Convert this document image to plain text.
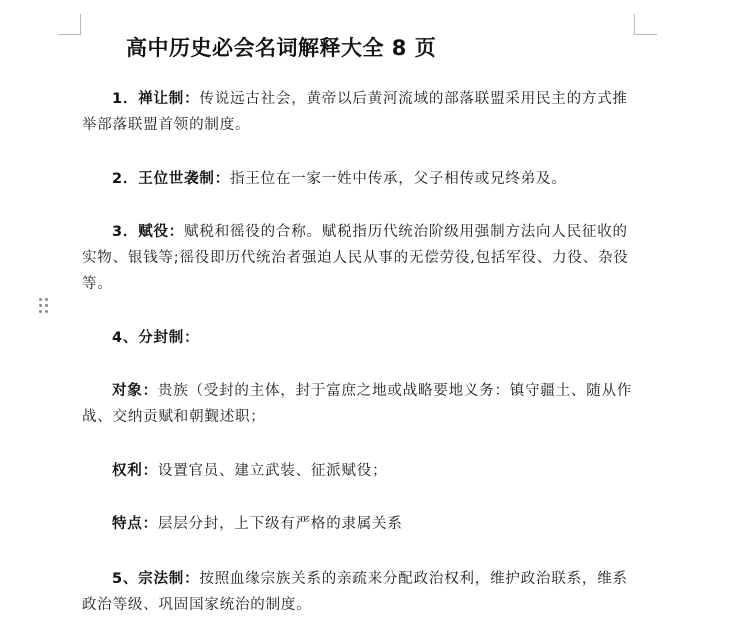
高中历史必会名词解释大全 8 页
1．禅让制：传说远古社会，黄帝以后黄河流域的部落联盟采用民主的方式推举部落联盟首领的制度。
2．王位世袭制：指王位在一家一姓中传承，父子相传或兄终弟及。
3．赋役：赋税和徭役的合称。赋税指历代统治阶级用强制方法向人民征收的实物、银钱等;徭役即历代统治者强迫人民从事的无偿劳役,包括军役、力役、杂役等。
4、分封制：
对象：贵族（受封的主体，封于富庶之地或战略要地义务：镇守疆土、随从作战、交纳贡赋和朝觐述职；
权利：设置官员、建立武装、征派赋役；
特点：层层分封，上下级有严格的隶属关系
5、宗法制：按照血缘宗族关系的亲疏来分配政治权利，维护政治联系，维系政治等级、巩固国家统治的制度。
